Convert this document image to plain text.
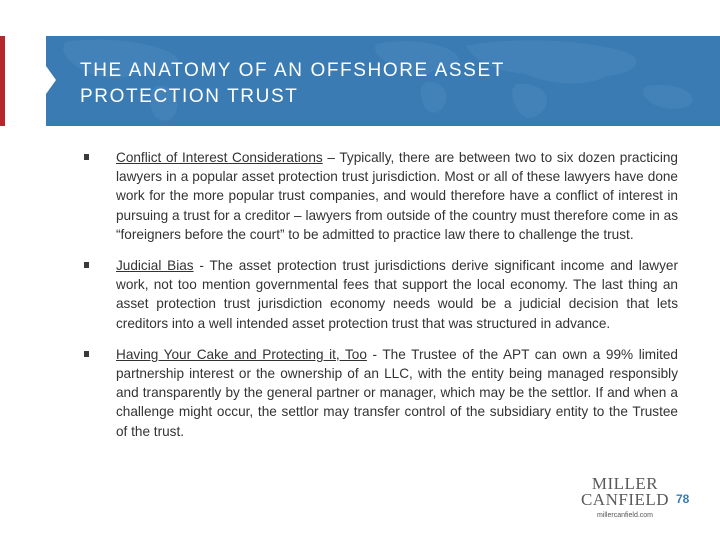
THE ANATOMY OF AN OFFSHORE ASSET
PROTECTION TRUST
Conflict of Interest Considerations – Typically, there are between two to six dozen practicing lawyers in a popular asset protection trust jurisdiction. Most or all of these lawyers have done work for the more popular trust companies, and would therefore have a conflict of interest in pursuing a trust for a creditor – lawyers from outside of the country must therefore come in as “foreigners before the court” to be admitted to practice law there to challenge the trust.
Judicial Bias - The asset protection trust jurisdictions derive significant income and lawyer work, not too mention governmental fees that support the local economy. The last thing an asset protection trust jurisdiction economy needs would be a judicial decision that lets creditors into a well intended asset protection trust that was structured in advance.
Having Your Cake and Protecting it, Too - The Trustee of the APT can own a 99% limited partnership interest or the ownership of an LLC, with the entity being managed responsibly and transparently by the general partner or manager, which may be the settlor. If and when a challenge might occur, the settlor may transfer control of the subsidiary entity to the Trustee of the trust.
MILLER
CANFIELD
millercanfield.com
78
